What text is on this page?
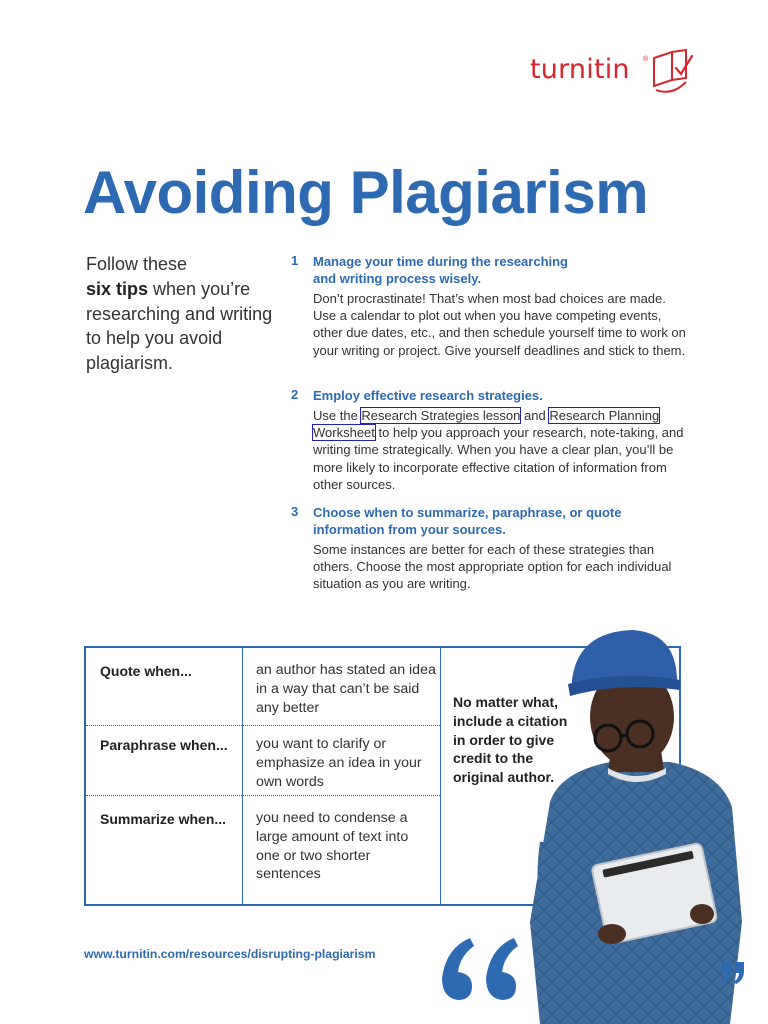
turnitin ®
Avoiding Plagiarism

Follow these
six tips when you’re researching and writing to help you avoid plagiarism.

1 Manage your time during the researching and writing process wisely.

Don’t procrastinate! That’s when most bad choices are made. Use a calendar to plot out when you have competing events, other due dates, etc., and then schedule yourself time to work on your writing or project. Give yourself deadlines and stick to them.

2 Employ effective research strategies.

Use the Research Strategies lesson and Research Planning Worksheet to help you approach your research, note-taking, and writing time strategically. When you have a clear plan, you’ll be more likely to incorporate effective citation of information from other sources.

3 Choose when to summarize, paraphrase, or quote information from your sources.

Some instances are better for each of these strategies than others. Choose the most appropriate option for each individual situation as you are writing.

Quote when...	an author has stated an idea in a way that can’t be said any better
Paraphrase when... you want to clarify or emphasize an idea in your own words
Summarize when... you need to condense a large amount of text into one or two shorter sentences
No matter what, include a citation in order to give credit to the original author.
www.turnitin.com/resources/disrupting-plagiarism
